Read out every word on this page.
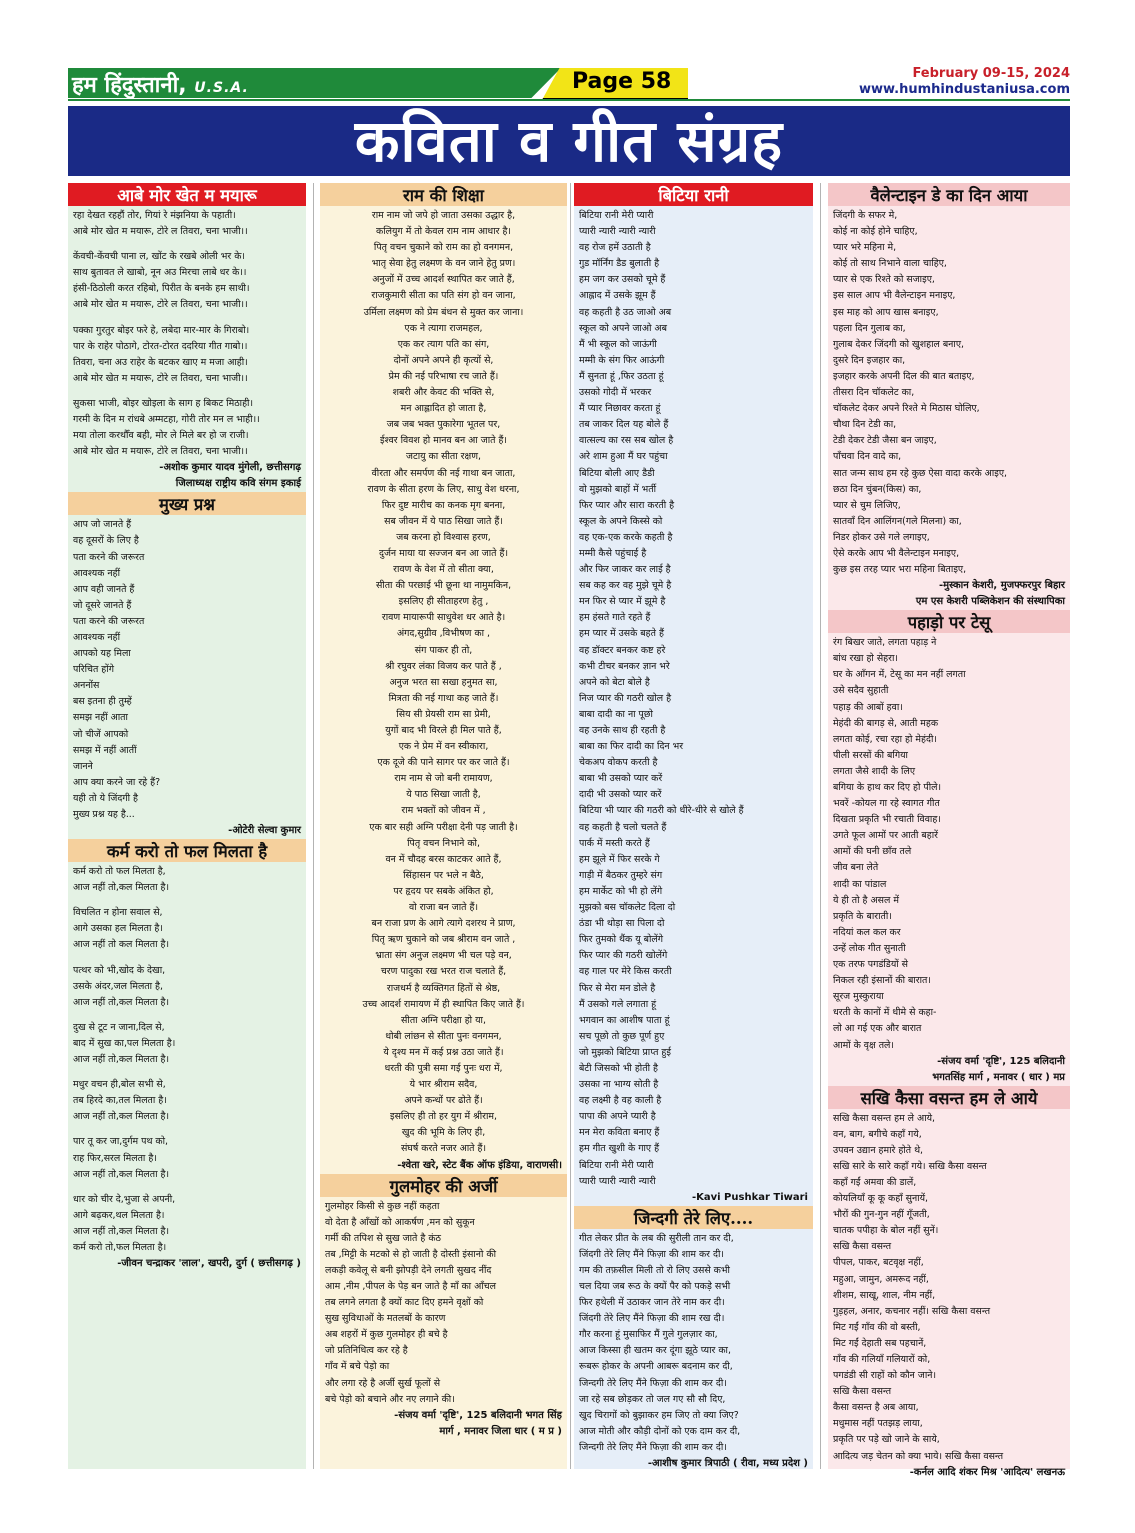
हम हिंदुस्तानी, U.S.A.	Page 58	February 09-15, 2024
www.humhindustaniusa.com
कविता व गीत संग्रह
आबे मोर खेत म मयारू
रहा देखत रहहौं तोर, गियां रे मंझनिया के पहाती।
आबे मोर खेत म मयारू, टोरे ल तिवरा, चना भाजी।।
केंवची-केंवची पाना ल, खोंट के रखबे ओली भर के।
साथ बुतावत ले खाबो, नून अउ मिरचा लाबे धर के।।
हंसी-ठिठोली करत रहिबो, पिरीत के बनके हम साथी।
आबे मोर खेत म मयारू, टोरे ल तिवरा, चना भाजी।।
पक्का गुरतुर बोइर फरे हे, लबेदा मार-मार के गिराबो।
पार के राहेर पोठागे, टोरत-टोरत ददरिया गीत गाबो।।
तिवरा, चना अउ राहेर के बटकर खाए म मजा आही।
आबे मोर खेत म मयारू, टोरे ल तिवरा, चना भाजी।।
सुकसा भाजी, बोइर खोइला के साग ह बिकट मिठाही।
गरमी के दिन म रांधबे अम्मटहा, गोरी तोर मन ल भाही।।
मया तोला करथौँव बही, मोर ले मिले बर हो ज राजी।
आबे मोर खेत म मयारू, टोरे ल तिवरा, चना भाजी।।
-अशोक कुमार यादव मुंगेली, छत्तीसगढ़
जिलाध्यक्ष राष्ट्रीय कवि संगम इकाई
मुख्य प्रश्न
आप जो जानते हैं
वह दूसरों के लिए है
पता करने की जरूरत
आवश्यक नहीं
आप वही जानते हैं
जो दूसरे जानते हैं
पता करने की जरूरत
आवश्यक नहीं
आपको यह मिला
परिचित होंगे
अननोंस
बस इतना ही तुम्हें
समझ नहीं आता
जो चीजें आपको
समझ में नहीं आतीं
जानने
आप क्या करने जा रहे हैं?
यही तो ये जिंदगी है
मुख्य प्रश्न यह है...
-ओटेरी सेल्वा कुमार
कर्म करो तो फल मिलता है
कर्म करो तो फल मिलता है,
आज नहीं तो,कल मिलता है।
विचलित न होना सवाल से,
आगे उसका हल मिलता है।
आज नहीं तो कल मिलता है।
पत्थर को भी,खोद के देखा,
उसके अंदर,जल मिलता है,
आज नहीं तो,कल मिलता है।
दुख से टूट न जाना,दिल से,
बाद में सुख का,पल मिलता है।
आज नहीं तो,कल मिलता है।
मधुर वचन ही,बोल सभी से,
तब हिरदे का,तल मिलता है।
आज नहीं तो,कल मिलता है।
पार तू कर जा,दुर्गम पथ को,
राह फिर,सरल मिलता है।
आज नहीं तो,कल मिलता है।
धार को चीर दे,भुजा से अपनी,
आगे बढ़कर,थल मिलता है।
आज नहीं तो,कल मिलता है।
कर्म करो तो,फल मिलता है।
-जीवन चन्द्राकर 'लाल', खपरी, दुर्ग ( छत्तीसगढ़ )
राम की शिक्षा
राम नाम जो जपे हो जाता उसका उद्धार है,
कलियुग में तो केवल राम नाम आधार है।
पितृ वचन चुकाने को राम का हो वनगमन,
भातृ सेवा हेतु लक्ष्मण के वन जाने हेतु प्रण।
अनुजों में उच्च आदर्श स्थापित कर जाते हैं,
राजकुमारी सीता का पति संग हो वन जाना,
उर्मिला लक्ष्मण को प्रेम बंधन से मुक्त कर जाना।
एक ने त्यागा राजमहल,
एक कर त्याग पति का संग,
दोनों अपने अपने ही कृत्यों से,
प्रेम की नई परिभाषा रच जाते हैं।
शबरी और केवट की भक्ति से,
मन आह्लादित हो जाता है,
जब जब भक्त पुकारेगा भूतल पर,
ईश्वर विवश हो मानव बन आ जाते हैं।
जटायु का सीता रक्षण,
वीरता और समर्पण की नई गाथा बन जाता,
रावण के सीता हरण के लिए, साधु वेश धरना,
फिर दुष्ट मारीच का कनक मृग बनना,
सब जीवन में ये पाठ सिखा जाते हैं।
जब करना हो विश्वास हरण,
दुर्जन माया या सज्जन बन आ जाते हैं।
रावण के वेश में तो सीता क्या,
सीता की परछाई भी छूना था नामुमकिन,
इसलिए ही सीताहरण हेतु ,
रावण मायारूपी साधुवेश धर आते है।
अंगद,सुग्रीव ,विभीषण का ,
संग पाकर ही तो,
श्री रघुवर लंका विजय कर पाते हैं ,
अनुज भरत सा सखा हनुमत सा,
मित्रता की नई गाथा कह जाते हैं।
सिय सी प्रेयसी राम सा प्रेमी,
युगों बाद भी विरले ही मिल पाते हैं,
एक ने प्रेम में वन स्वीकारा,
एक दूजे की पाने सागर पर कर जाते हैं।
राम नाम से जो बनी रामायण,
ये पाठ सिखा जाती है,
राम भक्तों को जीवन में ,
एक बार सही अग्नि परीक्षा देनी पड़ जाती है।
पितृ वचन निभाने को,
वन में चौदह बरस काटकर आते हैं,
सिंहासन पर भले न बैठे,
पर हृदय पर सबके अंकित हो,
वो राजा बन जाते हैं।
बन राजा प्रण के आगे त्यागे दशरथ ने प्राण,
पितृ ऋण चुकाने को जब श्रीराम वन जाते ,
भ्राता संग अनुज लक्ष्मण भी चल पड़े वन,
चरण पादुका रख भरत राज चलाते हैं,
राजधर्म है व्यक्तिगत हितों से श्रेष्ठ,
उच्च आदर्श रामायण में ही स्थापित किए जाते हैं।
सीता अग्नि परीक्षा हो या,
धोबी लांछन से सीता पुनः वनगमन,
ये दृश्य मन में कई प्रश्न उठा जाते हैं।
धरती की पुत्री समा गई पुनः धरा में,
ये भार श्रीराम सदैव,
अपने कन्धों पर ढोते हैं।
इसलिए ही तो हर युग में श्रीराम,
खुद की भूमि के लिए ही,
संघर्ष करते नजर आते हैं।
-श्वेता खरे, स्टेट बैंक ऑफ इंडिया, वाराणसी।
गुलमोहर की अर्जी
गुलमोहर किसी से कुछ नहीं कहता
वो देता है आँखों को आकर्षण ,मन को सुकून
गर्मी की तपिश से सुख जाते है कंठ
तब ,मिट्टी के मटको से हो जाती है दोस्ती इंसानो की
लकड़ी कवेलू से बनी झोपड़ी देने लगती सुखद नींद
आम ,नीम ,पीपल के पेड़ बन जाते है माँ का आँचल
तब लगने लगता है क्यों काट दिए हमने वृक्षों को
सुख सुविधाओं के मतलबों के कारण
अब शहरों में कुछ गुलमोहर ही बचे है
जो प्रतिनिधित्व कर रहे है
गाँव में बचे पेड़ो का
और लगा रहे है अर्जी सुर्ख फूलों से
बचे पेड़ो को बचाने और नए लगाने की।
-संजय वर्मा 'दृष्टि', 125 बलिदानी भगत सिंह
मार्ग , मनावर जिला धार ( म प्र )
बिटिया रानी
बिटिया रानी मेरी प्यारी
प्यारी न्यारी न्यारी न्यारी
वह रोज हमें उठाती है
गुड मॉर्निंग डैड बुलाती है
हम जग कर उसको चूमे हैं
आह्लाद में उसके झूम हैं
वह कहती है उठ जाओ अब
स्कूल को अपने जाओ अब
मैं भी स्कूल को जाऊंगी
मम्मी के संग फिर आऊंगी
मैं सुनता हूं ,फिर उठता हूं
उसको गोदी में भरकर
मैं प्यार निछावर करता हूं
तब जाकर दिल यह बोले हैं
वात्सल्य का रस सब खोल है
अरे शाम हुआ मैं घर पहुंचा
बिटिया बोली आए डैडी
वो मुझको बाहों में भर्ती
फिर प्यार और सारा करती है
स्कूल के अपने किस्से को
वह एक-एक करके कहती है
मम्मी कैसे पहुंचाई है
और फिर जाकर कर लाई है
सब कह कर वह मुझे चूमे है
मन फिर से प्यार में झूमे है
हम हंसते गाते रहते हैं
हम प्यार में उसके बहते हैं
वह डॉक्टर बनकर कष्ट हरे
कभी टीचर बनकर ज्ञान भरे
अपने को बेटा बोले है
निज प्यार की गठरी खोल है
बाबा दादी का ना पूछो
वह उनके साथ ही रहती है
बाबा का फिर दादी का दिन भर
चेकअप वोकप करती है
बाबा भी उसको प्यार करें
दादी भी उसको प्यार करें
बिटिया भी प्यार की गठरी को धीरे-धीरे से खोले हैं
वह कहती है चलो चलते हैं
पार्क में मस्ती करते हैं
हम झूले में फिर सरके गे
गाड़ी में बैठकर तुम्हरे संग
हम मार्केट को भी हो लेंगे
मुझको बस चॉकलेट दिला दो
ठंडा भी थोड़ा सा पिला दो
फिर तुमको थैंक यू बोलेंगे
फिर प्यार की गठरी खोलेंगे
वह गाल पर मेरे किस करती
फिर से मेरा मन डोले है
मैं उसको गले लगाता हूं
भगवान का आशीष पाता हूं
सच पूछो तो कुछ पूर्ण हुए
जो मुझको बिटिया प्राप्त हुई
बेटी जिसको भी होती है
उसका ना भाग्य सोती है
वह लक्ष्मी है वह काली है
पापा की अपने प्यारी है
मन मेरा कविता बनाए हैं
हम गीत खुशी के गाए हैं
बिटिया रानी मेरी प्यारी
प्यारी प्यारी न्यारी न्यारी
-Kavi Pushkar Tiwari
जिन्दगी तेरे लिए....
गीत लेकर प्रीत के लब की सुरीली तान कर दी,
जिंदगी तेरे लिए मैंने फिज़ा की शाम कर दी।
गम की तफ़सील मिली तो रो लिए उससे कभी
चल दिया जब रूठ के क्यों पैर को पकड़े सभी
फिर हथेली में उठाकर जान तेरे नाम कर दी।
जिंदगी तेरे लिए मैंने फिज़ा की शाम रख दी।
गौर करना हूं मुसाफिर मैं गुले गुलज़ार का,
आज किस्सा ही खतम कर दूंगा झूठे प्यार का,
रूबरू होकर के अपनी आबरू बदनाम कर दी,
जिन्दगी तेरे लिए मैंने फिज़ा की शाम कर दी।
जा रहे सब छोड़कर तो जल गए सौ सौ दिए,
खुद चिरागों को बुझाकर हम जिए तो क्या जिए?
आज मोती और कौड़ी दोनों को एक दाम कर दी,
जिन्दगी तेरे लिए मैंने फिज़ा की शाम कर दी।
-आशीष कुमार त्रिपाठी ( रीवा, मध्य प्रदेश )
वैलेन्टाइन डे का दिन आया
जिंदगी के सफर मे,
कोई ना कोई होने चाहिए,
प्यार भरे महिना मे,
कोई तो साथ निभाने वाला चाहिए,
प्यार से एक रिश्ते को सजाइए,
इस साल आप भी वैलेन्टाइन मनाइए,
इस माह को आप खास बनाइए,
पहला दिन गुलाब का,
गुलाब देकर जिंदगी को खुशहाल बनाए,
दुसरे दिन इजहार का,
इजहार करके अपनी दिल की बात बताइए,
तीसरा दिन चॉकलेट का,
चॉकलेट देकर अपने रिश्ते मे मिठास घोलिए,
चौथा दिन टेडी का,
टेडी देकर टेडी जैसा बन जाइए,
पाँचवा दिन वादे का,
सात जन्म साथ हम रहे कुछ ऐसा वादा करके आइए,
छठा दिन चुंबन(किस) का,
प्यार से चुम लिजिए,
सातवाँ दिन आलिंगन(गले मिलना) का,
निडर होकर उसे गले लगाइए,
ऐसे करके आप भी वैलेन्टाइन मनाइए,
कुछ इस तरह प्यार भरा महिना बिताइए,
-मुस्कान केशरी, मुजफ्फरपुर बिहार
एम एस केशरी पब्लिकेशन की संस्थापिका
पहाड़ो पर टेसू
रंग बिखर जाते, लगता पहाड़ ने
बांध रखा हो सेहरा।
घर के आँगन में, टेसू का मन नहीं लगता
उसे सदैव सुहाती
पहाड़ की आबों हवा।
मेहंदी की बागड़ से, आती महक
लगता कोई, रचा रहा हो मेहंदी।
पीली सरसों की बगिया
लगता जैसे शादी के लिए
बगिया के हाथ कर दिए हो पीले।
भवरें -कोयल गा रहे स्वागत गीत
दिखता प्रकृति भी रचाती विवाह।
उगते फूल आमों पर आती बहारें
आमों की घनी छाँव तले
जीव बना लेते
शादी का पांडाल
ये ही तो है असल में
प्रकृति के बाराती।
नदियां कल कल कर
उन्हें लोक गीत सुनाती
एक तरफ पगडंडियों से
निकल रही इंसानों की बारात।
सूरज मुस्कुराया
धरती के कानों में धीमे से कहा-
लो आ गई एक और बारात
आमों के वृक्ष तले।
-संजय वर्मा 'दृष्टि', 125 बलिदानी
भगतसिंह मार्ग , मनावर ( धार ) मप्र
सखि कैसा वसन्त हम ले आये
सखि कैसा वसन्त हम ले आये,
वन, बाग, बगीचे कहाँ गये,
उपवन उद्यान हमारे होते थे,
सखि सारे के सारे कहाँ गये। सखि कैसा वसन्त
कहाँ गईं अमवा की डालें,
कोयलियाँ कू कू कहाँ सुनायें,
भौरों की गुन-गुन नहीं गूँजती,
चातक पपीहा के बोल नहीं सुनें।
सखि कैसा वसन्त
पीपल, पाकर, बटवृक्ष नहीं,
महुआ, जामुन, अमरूद नहीं,
शीशम, साखू, शाल, नीम नहीं,
गुड़हल, अनार, कचनार नहीं। सखि कैसा वसन्त
मिट गईं गाँव की वो बस्ती,
मिट गईं देहाती सब पहचानें,
गाँव की गलियाँ गलियारों को,
पगडंडी सी राहों को कौन जाने।
सखि कैसा वसन्त
कैसा वसन्त है अब आया,
मधुमास नहीं पतझड़ लाया,
प्रकृति पर पड़े खो जाने के साये,
आदित्य जड़ चेतन को क्या भाये। सखि कैसा वसन्त
-कर्नल आदि शंकर मिश्र 'आदित्य' लखनऊ
